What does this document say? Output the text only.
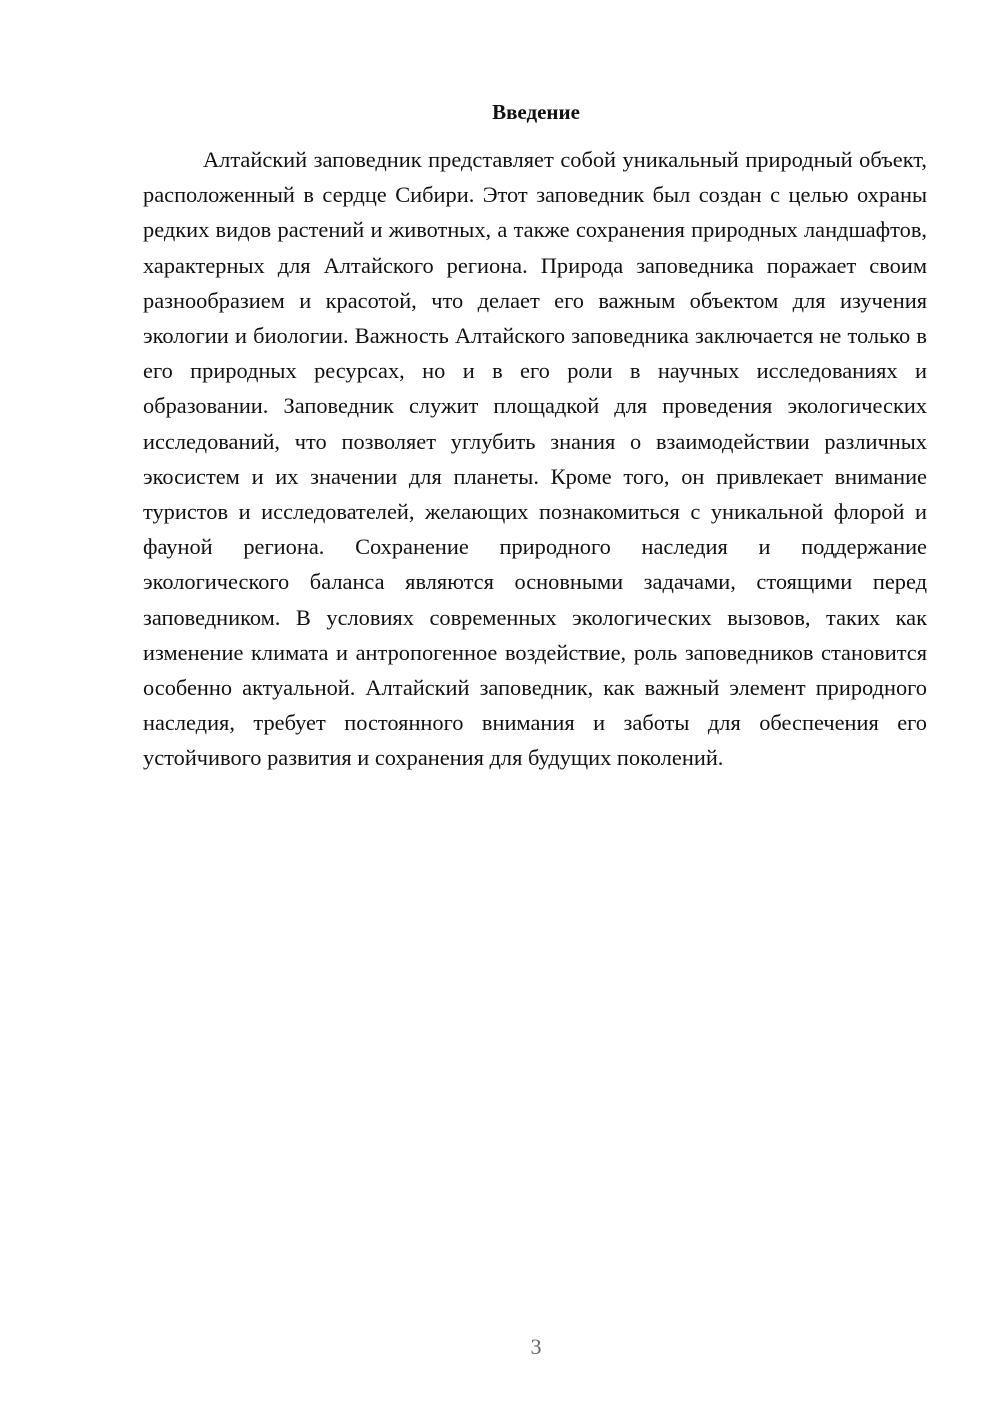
Введение

Алтайский заповедник представляет собой уникальный природный объект, расположенный в сердце Сибири. Этот заповедник был создан с целью охраны редких видов растений и животных, а также сохранения природных ландшафтов, характерных для Алтайского региона. Природа заповедника поражает своим разнообразием и красотой, что делает его важным объектом для изучения экологии и биологии. Важность Алтайского заповедника заключается не только в его природных ресурсах, но и в его роли в научных исследованиях и образовании. Заповедник служит площадкой для проведения экологических исследований, что позволяет углубить знания о взаимодействии различных экосистем и их значении для планеты. Кроме того, он привлекает внимание туристов и исследователей, желающих познакомиться с уникальной флорой и фауной региона. Сохранение природного наследия и поддержание экологического баланса являются основными задачами, стоящими перед заповедником. В условиях современных экологических вызовов, таких как изменение климата и антропогенное воздействие, роль заповедников становится особенно актуальной. Алтайский заповедник, как важный элемент природного наследия, требует постоянного внимания и заботы для обеспечения его устойчивого развития и сохранения для будущих поколений.

3
